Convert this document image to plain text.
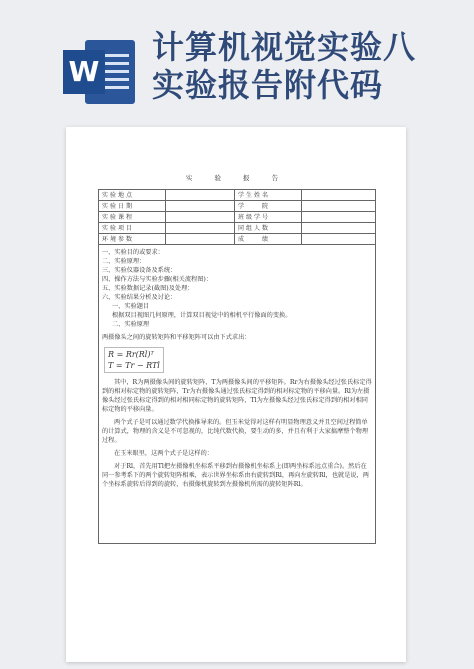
W
计算机视觉实验八
实验报告附代码
实 验 报 告
实验地点		学生姓名	
实验日期		学　　院	
实验课程		班级学号	
实验项目		同组人数	
环境参数		成　　绩	

一、实验目的或要求：

二、实验原理：

三、实验仪器设备及系统：

四、操作方法与实验步骤(相关流程图)：

五、实验数据记录(截图)及处理：

六、实验结果分析及讨论：

一、实验题目

根据双目视图几何原理，计算双目视觉中的相机平行像面的变换。

二、实验原理

两摄像头之间的旋转矩阵和平移矩阵可以由下式求出：

R = Rr(Rl)ᵀ
T = Tr − RTl

其中，R为两摄像头间的旋转矩阵，T为两摄像头间的平移矩阵。Rr为右摄像头经过张氏标定得到的相对标定物的旋转矩阵，Tr为右摄像头通过张氏标定得到的相对标定物的平移向量。Rl为左摄像头经过张氏标定得到的相对相同标定物的旋转矩阵，Tl为左摄像头经过张氏标定得到的相对相同标定物的平移向量。

两个式子是可以通过数学代换推导来的。但玉米觉得对这样有明显物理意义并且空间过程简单的计算式，物理的含义是不可忽视的，比纯代数代换，要生动的多，并且有利于大家搞摩整个物理过程。

在玉米眼里，这两个式子是这样的：

对于Rl，首先用Tl把左摄像机坐标系平移到右摄像机坐标系上(即两坐标系远点重合)。然后在同一参考系下的两个旋转矩阵相乘，表示世界坐标系由右旋转到Rl，再向左旋转Rl，也就是说，两个坐标系旋转后得到的旋转，右摄像机旋转到左摄像机所需的旋转矩阵Rl。
